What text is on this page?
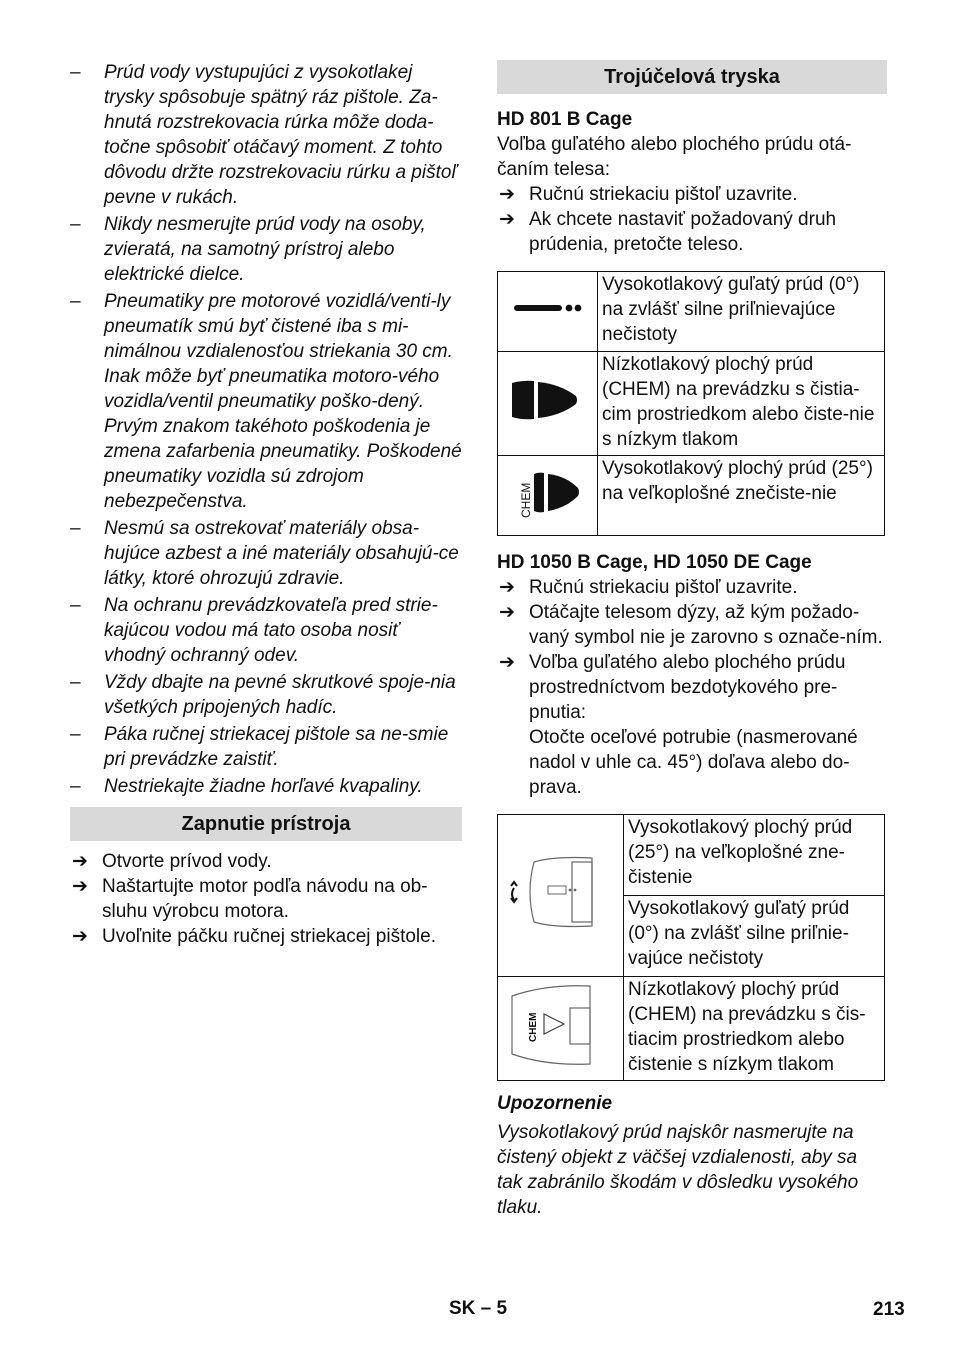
– Prúd vody vystupujúci z vysokotlakej trysky spôsobuje spätný ráz pištole. Za-hnutá rozstrekovacia rúrka môže doda-točne spôsobiť otáčavý moment. Z tohto dôvodu držte rozstrekovaciu rúrku a pištoľ pevne v rukách.

– Nikdy nesmerujte prúd vody na osoby, zvieratá, na samotný prístroj alebo elektrické dielce.

– Pneumatiky pre motorové vozidlá/venti-ly pneumatík smú byť čistené iba s mi-nimálnou vzdialenosťou striekania 30 cm. Inak môže byť pneumatika motoro-vého vozidla/ventil pneumatiky poško-dený. Prvým znakom takéhoto poškodenia je zmena zafarbenia pneumatiky. Poškodené pneumatiky vozidla sú zdrojom nebezpečenstva.

– Nesmú sa ostrekovať materiály obsa-hujúce azbest a iné materiály obsahujú-ce látky, ktoré ohrozujú zdravie.

– Na ochranu prevádzkovateľa pred strie-kajúcou vodou má tato osoba nosiť vhodný ochranný odev.

– Vždy dbajte na pevné skrutkové spoje-nia všetkých pripojených hadíc.

– Páka ručnej striekacej pištole sa ne-smie pri prevádzke zaistiť.

– Nestriekajte žiadne horľavé kvapaliny.

Zapnutie prístroja

➔ Otvorte prívod vody.

➔ Naštartujte motor podľa návodu na ob-sluhu výrobcu motora.

➔ Uvoľnite páčku ručnej striekacej pištole.

Trojúčelová tryska

HD 801 B Cage

Voľba guľatého alebo plochého prúdu otá-čaním telesa:

➔ Ručnú striekaciu pištoľ uzavrite.

➔ Ak chcete nastaviť požadovaný druh prúdenia, pretočte teleso.

	Vysokotlakový guľatý prúd (0°) na zvlášť silne priľnievajúce nečistoty
	Nízkotlakový plochý prúd (CHEM) na prevádzku s čistia-cim prostriedkom alebo čiste-nie s nízkym tlakom

CHEM	Vysokotlakový plochý prúd (25°) na veľkoplošné znečiste-nie

HD 1050 B Cage, HD 1050 DE Cage

➔ Ručnú striekaciu pištoľ uzavrite.

➔ Otáčajte telesom dýzy, až kým požado-vaný symbol nie je zarovno s označe-ním.

➔ Voľba guľatého alebo plochého prúdu prostredníctvom bezdotykového pre-pnutia:

Otočte oceľové potrubie (nasmerované nadol v uhle ca. 45°) doľava alebo do-prava.

	Vysokotlakový plochý prúd (25°) na veľkoplošné zne-čistenie
	Vysokotlakový guľatý prúd (0°) na zvlášť silne priľnie-vajúce nečistoty

CHEM	Nízkotlakový plochý prúd (CHEM) na prevádzku s čis-tiacim prostriedkom alebo čistenie s nízkym tlakom

Upozornenie

Vysokotlakový prúd najskôr nasmerujte na čistený objekt z väčšej vzdialenosti, aby sa tak zabránilo škodám v dôsledku vysokého tlaku.

SK – 5	213
